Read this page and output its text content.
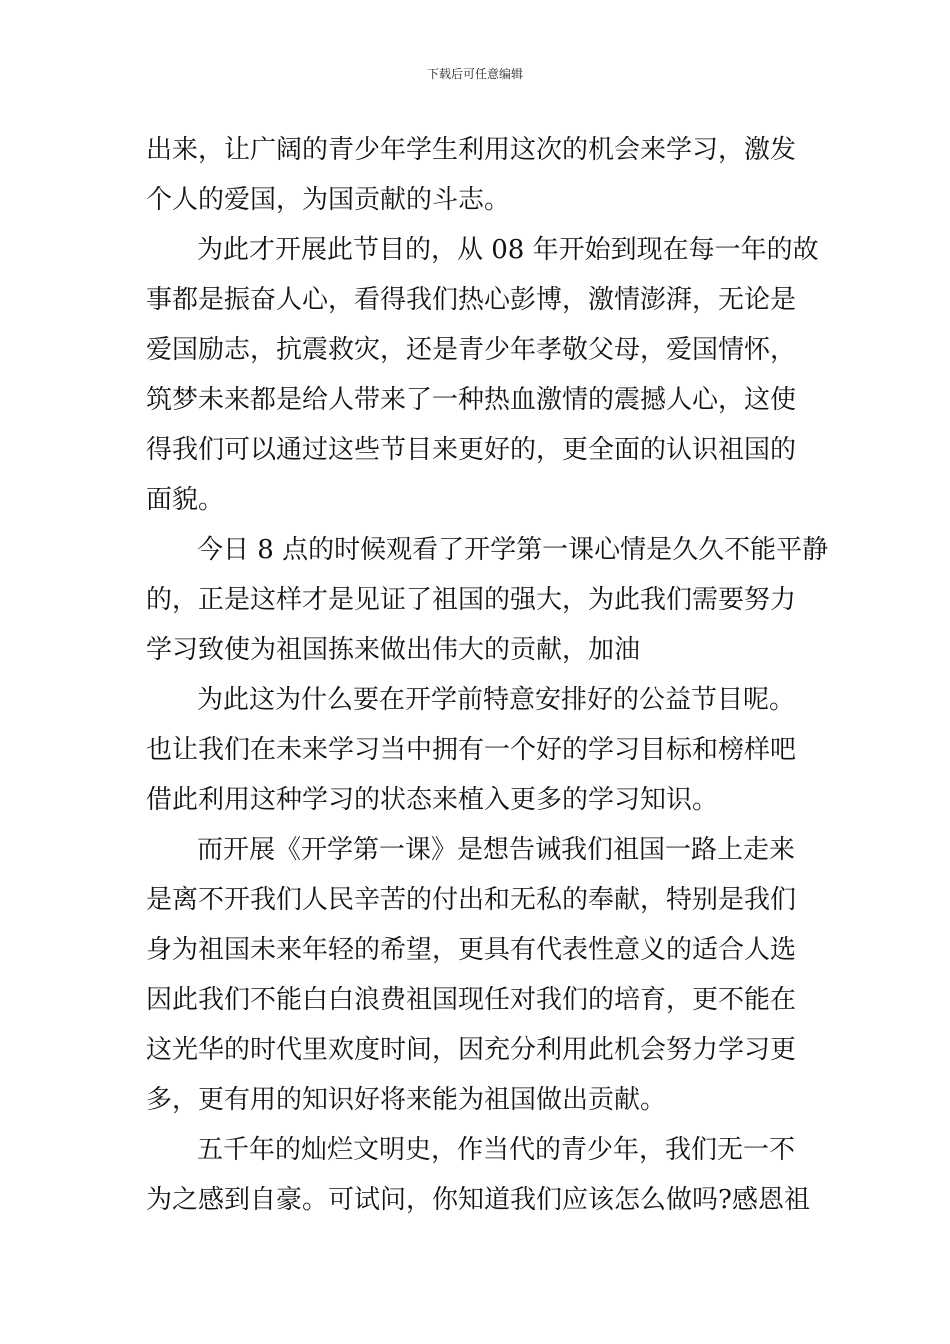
下载后可任意编辑
出来，让广阔的青少年学生利用这次的机会来学习，激发
个人的爱国，为国贡献的斗志。
为此才开展此节目的，从 08 年开始到现在每一年的故
事都是振奋人心，看得我们热心彭博，激情澎湃，无论是
爱国励志，抗震救灾，还是青少年孝敬父母，爱国情怀，
筑梦未来都是给人带来了一种热血激情的震撼人心，这使
得我们可以通过这些节目来更好的，更全面的认识祖国的
面貌。
今日 8 点的时候观看了开学第一课心情是久久不能平静
的，正是这样才是见证了祖国的强大，为此我们需要努力
学习致使为祖国拣来做出伟大的贡献，加油
为此这为什么要在开学前特意安排好的公益节目呢。
也让我们在未来学习当中拥有一个好的学习目标和榜样吧
借此利用这种学习的状态来植入更多的学习知识。
而开展《开学第一课》是想告诫我们祖国一路上走来
是离不开我们人民辛苦的付出和无私的奉献，特别是我们
身为祖国未来年轻的希望，更具有代表性意义的适合人选
因此我们不能白白浪费祖国现任对我们的培育，更不能在
这光华的时代里欢度时间，因充分利用此机会努力学习更
多，更有用的知识好将来能为祖国做出贡献。
五千年的灿烂文明史，作当代的青少年，我们无一不
为之感到自豪。可试问，你知道我们应该怎么做吗?感恩祖
